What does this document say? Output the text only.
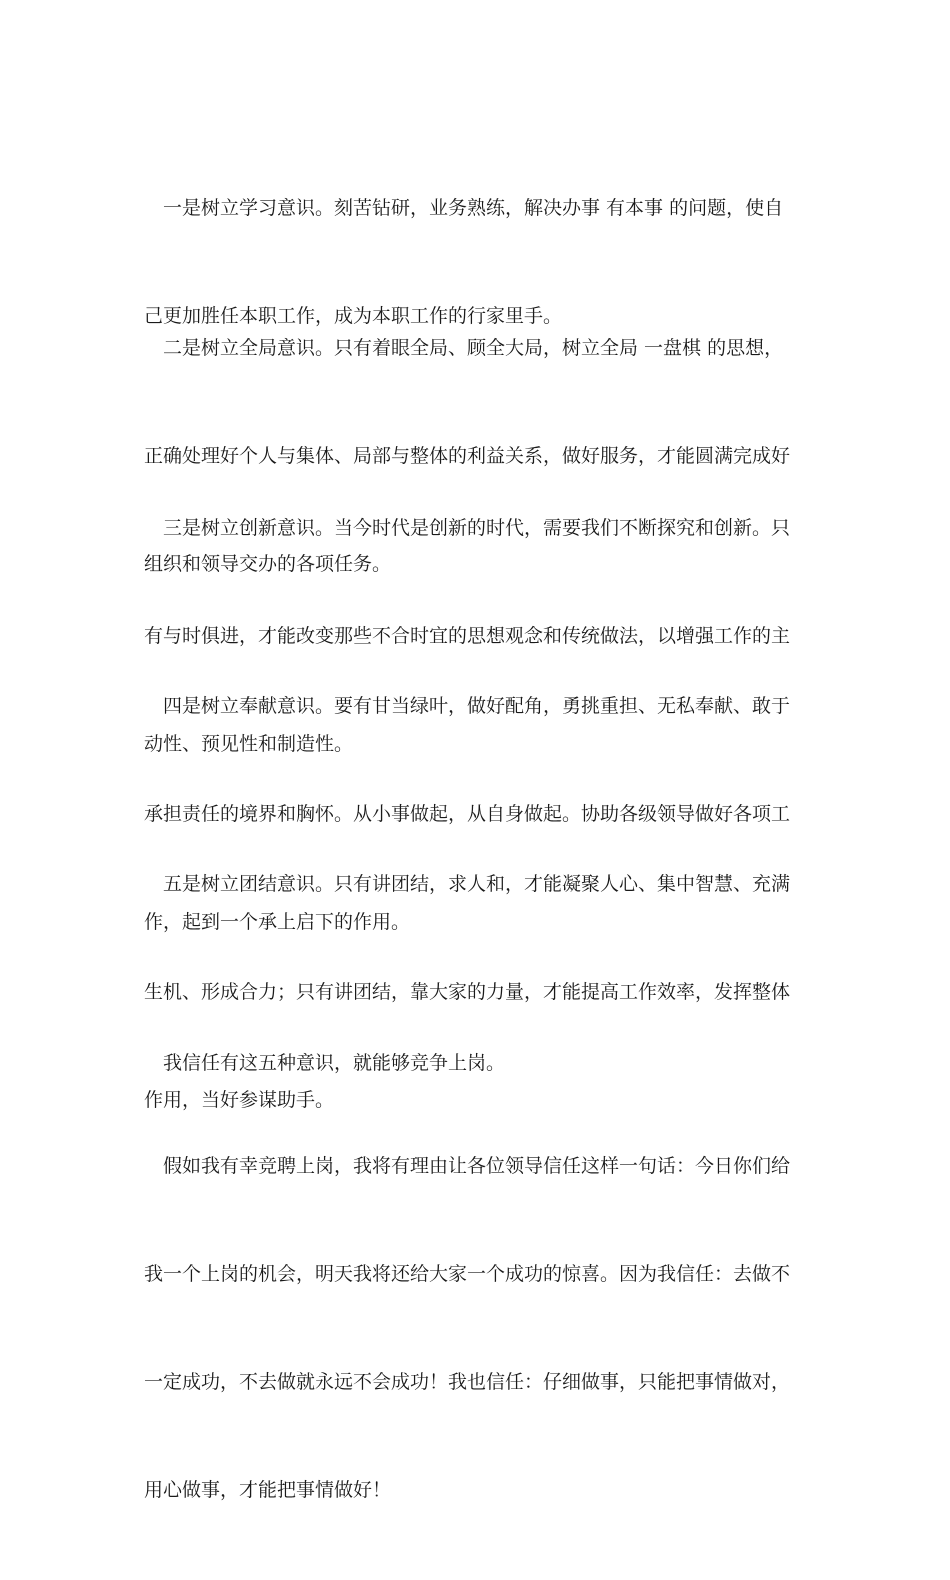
　一是树立学习意识。刻苦钻研，业务熟练，解决办事 有本事 的问题，使自

己更加胜任本职工作，成为本职工作的行家里手。

　二是树立全局意识。只有着眼全局、顾全大局，树立全局 一盘棋 的思想，

正确处理好个人与集体、局部与整体的利益关系，做好服务，才能圆满完成好

组织和领导交办的各项任务。

　三是树立创新意识。当今时代是创新的时代，需要我们不断探究和创新。只

有与时俱进，才能改变那些不合时宜的思想观念和传统做法，以增强工作的主

动性、预见性和制造性。

　四是树立奉献意识。要有甘当绿叶，做好配角，勇挑重担、无私奉献、敢于

承担责任的境界和胸怀。从小事做起，从自身做起。协助各级领导做好各项工

作，起到一个承上启下的作用。

　五是树立团结意识。只有讲团结，求人和，才能凝聚人心、集中智慧、充满

生机、形成合力；只有讲团结，靠大家的力量，才能提高工作效率，发挥整体

作用，当好参谋助手。

　我信任有这五种意识，就能够竞争上岗。

　假如我有幸竞聘上岗，我将有理由让各位领导信任这样一句话：今日你们给

我一个上岗的机会，明天我将还给大家一个成功的惊喜。因为我信任：去做不

一定成功，不去做就永远不会成功！我也信任：仔细做事，只能把事情做对，

用心做事，才能把事情做好！
